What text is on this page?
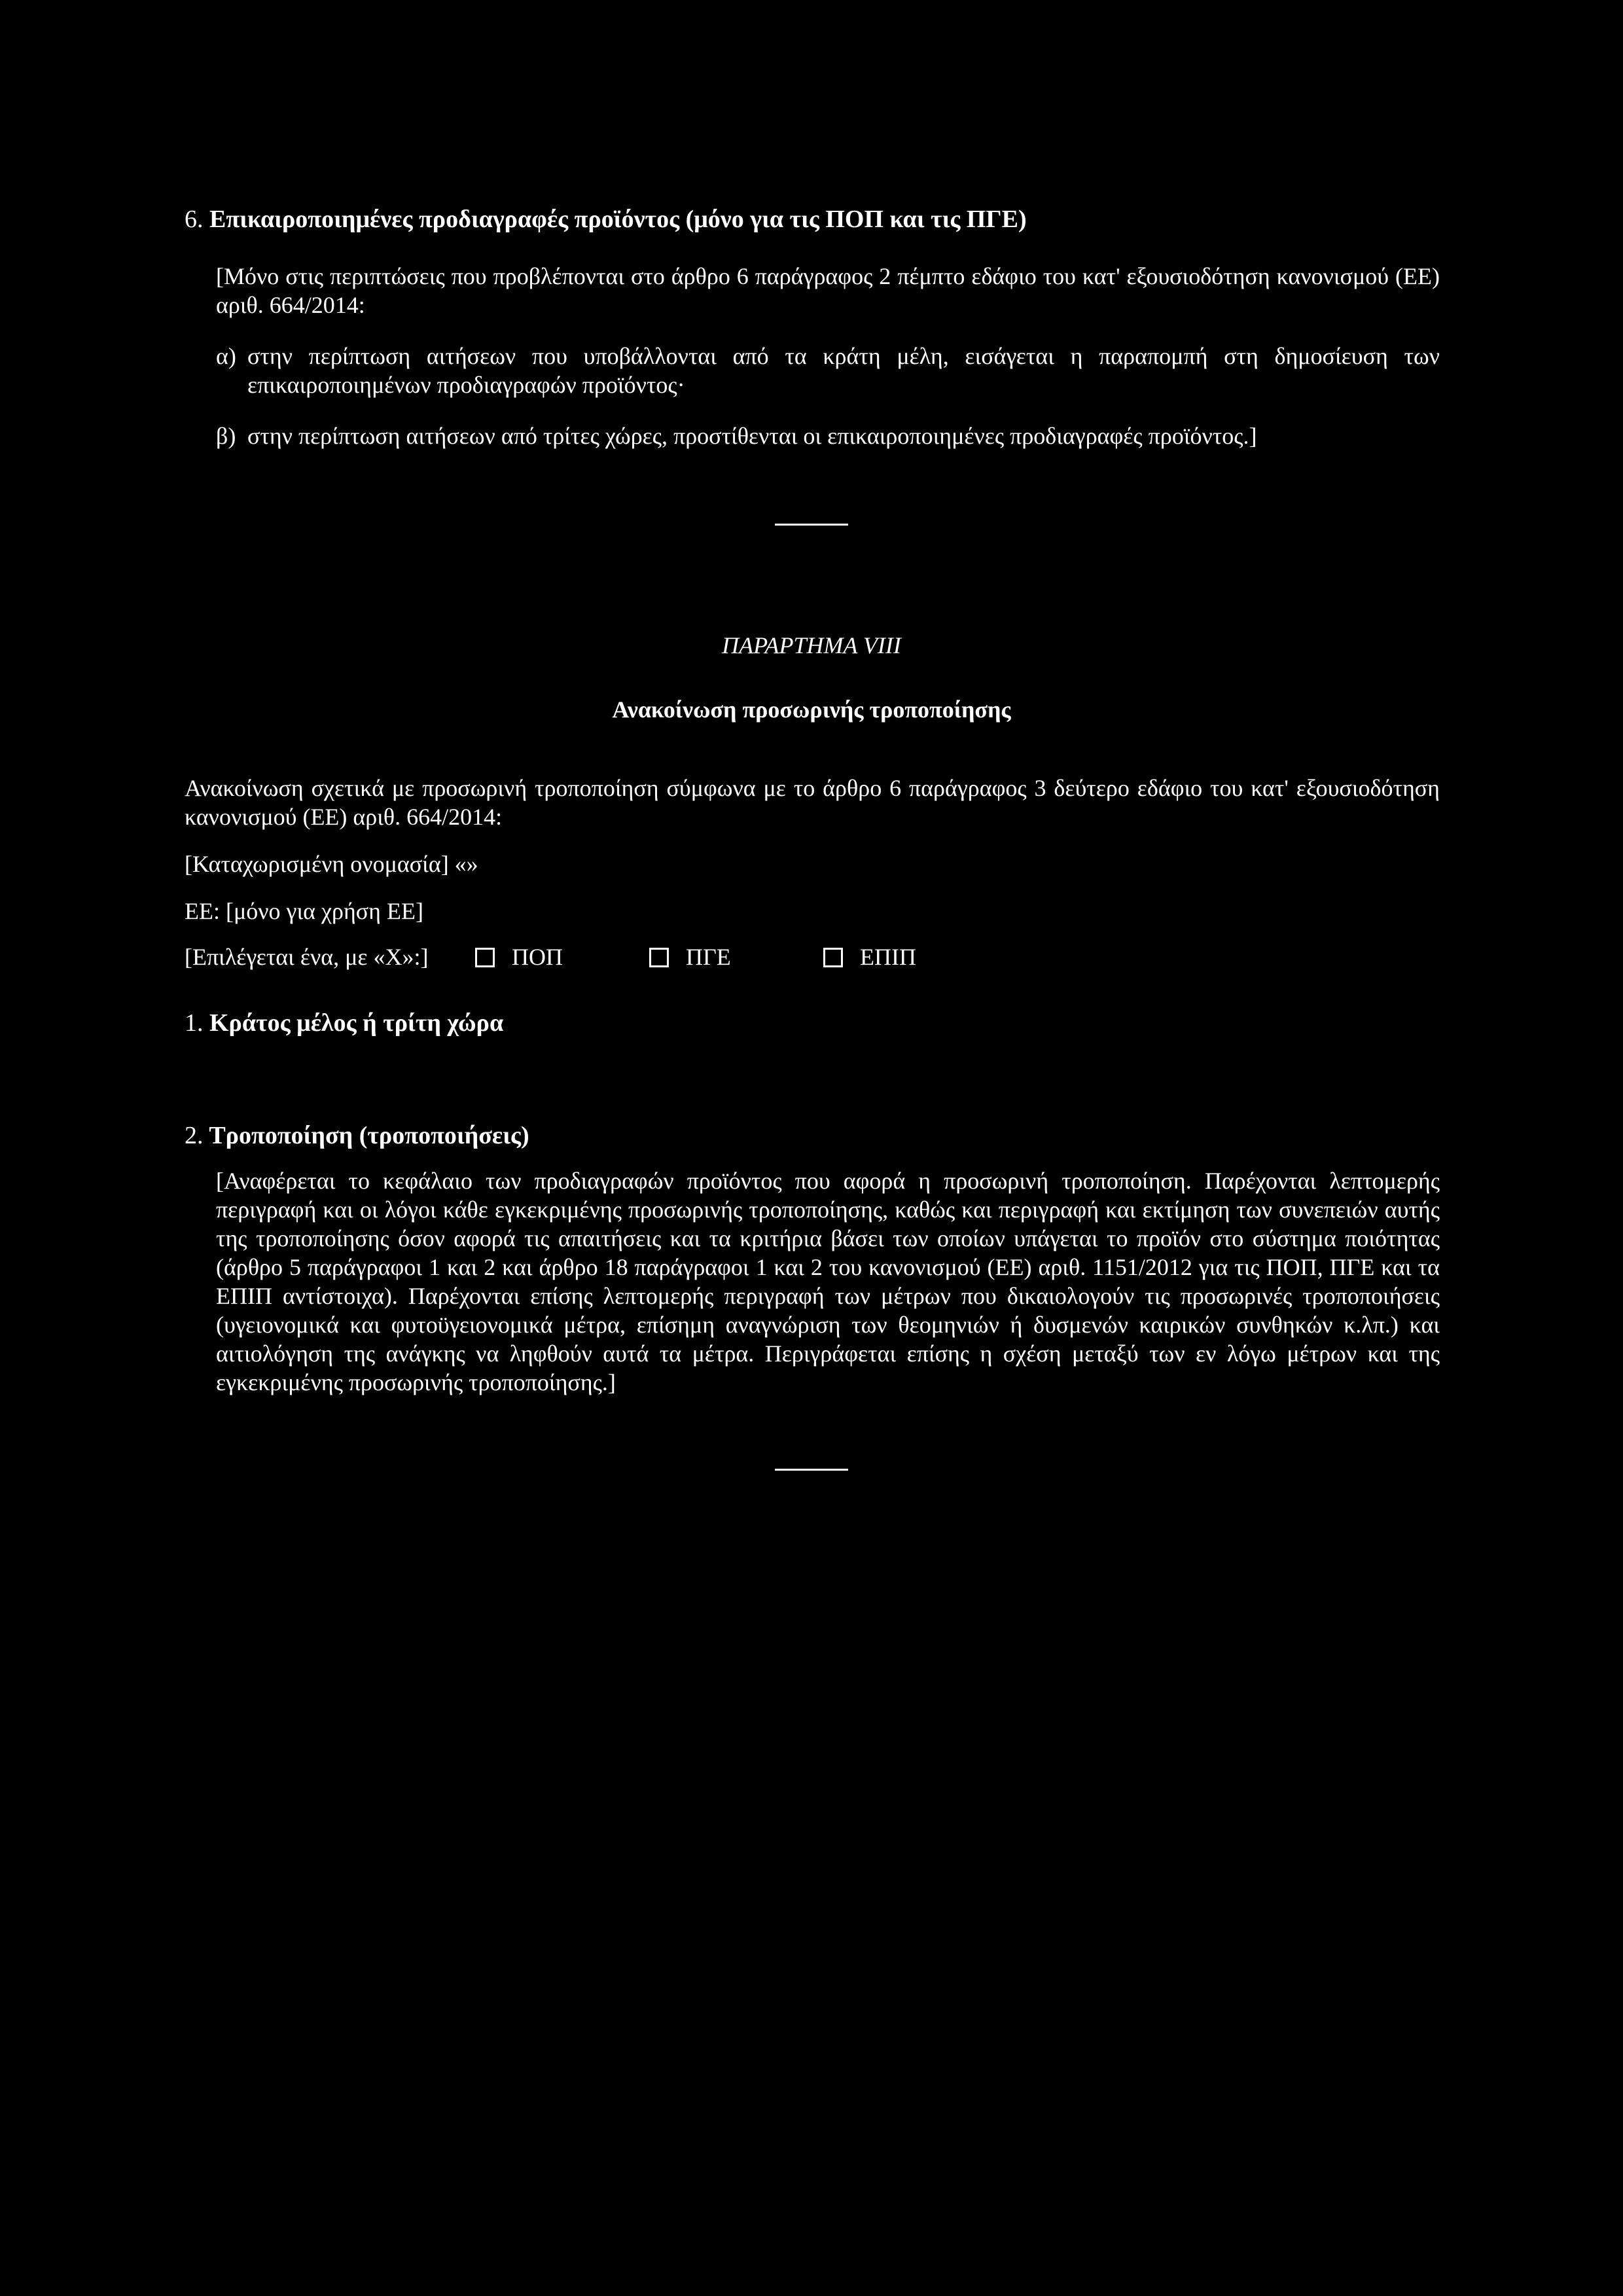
6. Επικαιροποιημένες προδιαγραφές προϊόντος (μόνο για τις ΠΟΠ και τις ΠΓΕ)
[Μόνο στις περιπτώσεις που προβλέπονται στο άρθρο 6 παράγραφος 2 πέμπτο εδάφιο του κατ' εξουσιοδότηση κανονισμού (ΕΕ) αριθ. 664/2014:
α) στην περίπτωση αιτήσεων που υποβάλλονται από τα κράτη μέλη, εισάγεται η παραπομπή στη δημοσίευση των επικαιροποιημένων προδιαγραφών προϊόντος·
β) στην περίπτωση αιτήσεων από τρίτες χώρες, προστίθενται οι επικαιροποιημένες προδιαγραφές προϊόντος.]
ΠΑΡΑΡΤΗΜΑ VIII
Ανακοίνωση προσωρινής τροποποίησης
Ανακοίνωση σχετικά με προσωρινή τροποποίηση σύμφωνα με το άρθρο 6 παράγραφος 3 δεύτερο εδάφιο του κατ' εξουσιοδότηση κανονισμού (ΕΕ) αριθ. 664/2014:
[Καταχωρισμένη ονομασία] «»
ΕΕ: [μόνο για χρήση ΕΕ]
[Επιλέγεται ένα, με «Χ»:]	ΠΟΠ	ΠΓΕ	ΕΠΙΠ
1. Κράτος μέλος ή τρίτη χώρα
2. Τροποποίηση (τροποποιήσεις)
[Αναφέρεται το κεφάλαιο των προδιαγραφών προϊόντος που αφορά η προσωρινή τροποποίηση. Παρέχονται λεπτομερής περιγραφή και οι λόγοι κάθε εγκεκριμένης προσωρινής τροποποίησης, καθώς και περιγραφή και εκτίμηση των συνεπειών αυτής της τροποποίησης όσον αφορά τις απαιτήσεις και τα κριτήρια βάσει των οποίων υπάγεται το προϊόν στο σύστημα ποιότητας (άρθρο 5 παράγραφοι 1 και 2 και άρθρο 18 παράγραφοι 1 και 2 του κανονισμού (ΕΕ) αριθ. 1151/2012 για τις ΠΟΠ, ΠΓΕ και τα ΕΠΙΠ αντίστοιχα). Παρέχονται επίσης λεπτομερής περιγραφή των μέτρων που δικαιολογούν τις προσωρινές τροποποιήσεις (υγειονομικά και φυτοϋγειονομικά μέτρα, επίσημη αναγνώριση των θεομηνιών ή δυσμενών καιρικών συνθηκών κ.λπ.) και αιτιολόγηση της ανάγκης να ληφθούν αυτά τα μέτρα. Περιγράφεται επίσης η σχέση μεταξύ των εν λόγω μέτρων και της εγκεκριμένης προσωρινής τροποποίησης.]
